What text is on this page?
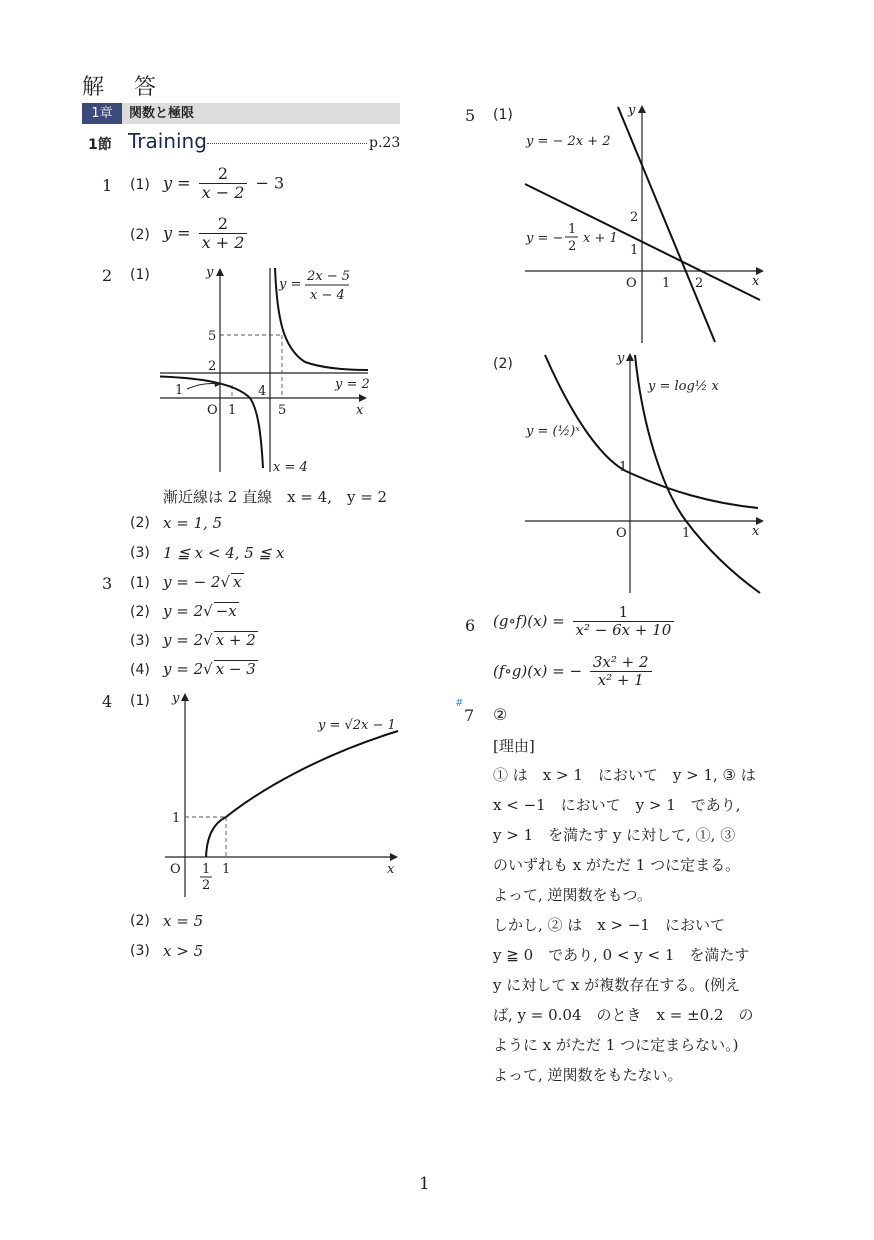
解　答
1章	関数と極限
1節 Training	p.23
1 (1) $y = \frac{2}{x - 2} - 3$
(2) $y = \frac{2}{x + 2}$
2 (1)	y
x
O 1
4
5
2
5
1	y = 2
x = 4
y =
2x − 5
x − 4
漸近線は 2 直線　x = 4,　y = 2
(2) x = 1, 5
(3) 1 ≦ x < 4, 5 ≦ x
3 (1) y = − 2√ x
(2) y = 2√ −x
(3) y = 2√ x + 2
(4) y = 2√ x − 3
4 (1) y
x
O
1
1
2
1
y = √2x − 1
(2) x = 5
(3) x > 5
5 (1)	y
x
O 1 2
1
2
y = − 2x + 2
y = −
1
2
x + 1
(2)	y
x
O	1
1
y = log½ x
y = (½)ˣ
6 (g∘f)(x) = $\frac{1}{\text{x² − 6x + 10}}$
(f∘g)(x) = − $\frac{\text{3x² + 2}}{\text{x² + 1}}$
#
7 ②
[理由]
① は　x > 1　において　y > 1, ③ は
x < −1　において　y > 1　であり,
y > 1　を満たす y に対して, ①, ③
のいずれも x がただ 1 つに定まる。
よって, 逆関数をもつ。
しかし, ② は　x > −1　において
y ≧ 0　であり, 0 < y < 1　を満たす
y に対して x が複数存在する。(例え
ば, y = 0.04　のとき　x = ±0.2　の
ように x がただ 1 つに定まらない。)
よって, 逆関数をもたない。
1
